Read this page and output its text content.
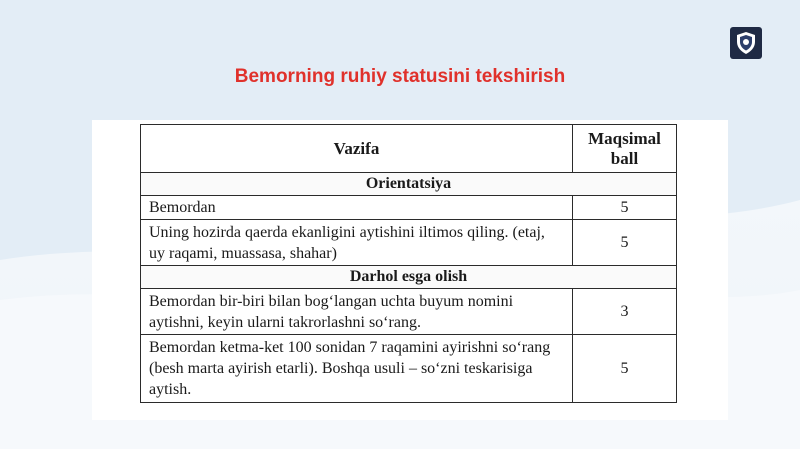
Bemorning ruhiy statusini tekshirish
Vazifa	Maqsimal ball
Orientatsiya	
Bemordan	5
Uning hozirda qaerda ekanligini aytishini iltimos qiling. (etaj, uy raqami, muassasa, shahar)	5
Darhol esga olish	
Bemordan bir-biri bilan bog‘langan uchta buyum nomini aytishni, keyin ularni takrorlashni so‘rang.	3
Bemordan ketma-ket 100 sonidan 7 raqamini ayirishni so‘rang (besh marta ayirish etarli). Boshqa usuli – so‘zni teskarisiga aytish.	5
